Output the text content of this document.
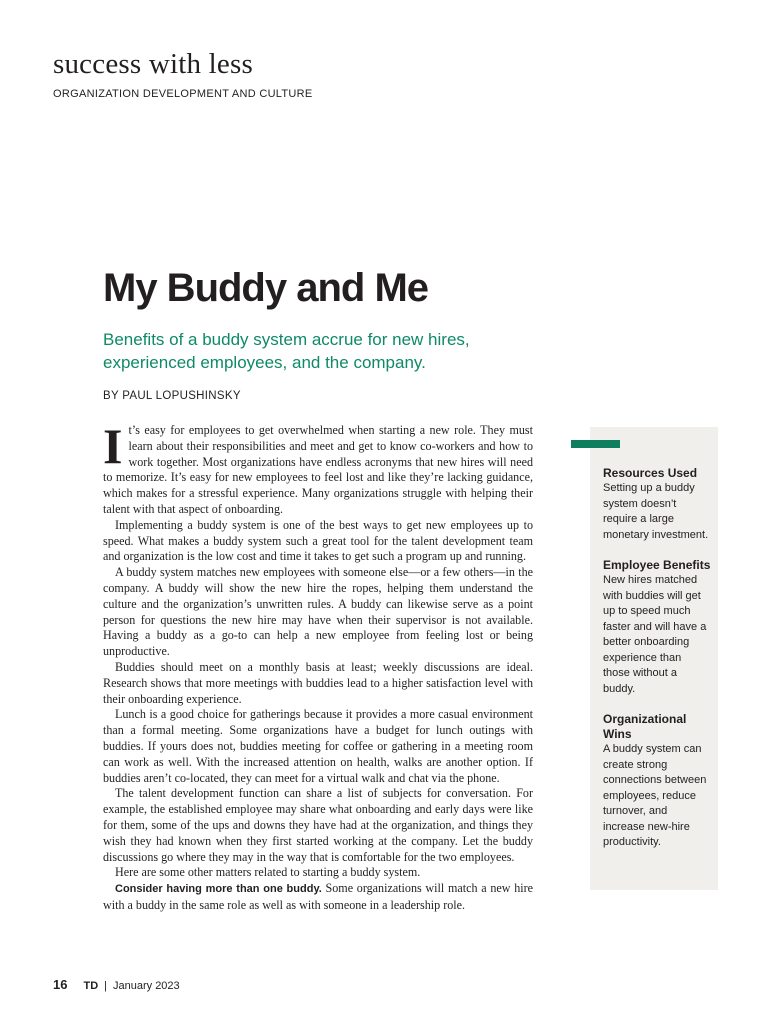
success with less
ORGANIZATION DEVELOPMENT AND CULTURE
My Buddy and Me
Benefits of a buddy system accrue for new hires, experienced employees, and the company.
BY PAUL LOPUSHINSKY

It’s easy for employees to get overwhelmed when starting a new role. They must learn about their responsibilities and meet and get to know co-workers and how to work together. Most organizations have endless acronyms that new hires will need to memorize. It’s easy for new employees to feel lost and like they’re lacking guidance, which makes for a stressful experience. Many organizations struggle with helping their talent with that aspect of onboarding.

Implementing a buddy system is one of the best ways to get new employees up to speed. What makes a buddy system such a great tool for the talent development team and organization is the low cost and time it takes to get such a program up and running.

A buddy system matches new employees with someone else—or a few others—in the company. A buddy will show the new hire the ropes, helping them understand the culture and the organization’s unwritten rules. A buddy can likewise serve as a point person for questions the new hire may have when their supervisor is not available. Having a buddy as a go-to can help a new employee from feeling lost or being unproductive.

Buddies should meet on a monthly basis at least; weekly discussions are ideal. Research shows that more meetings with buddies lead to a higher satisfaction level with their onboarding experience.

Lunch is a good choice for gatherings because it provides a more casual environment than a formal meeting. Some organizations have a budget for lunch outings with buddies. If yours does not, buddies meeting for coffee or gathering in a meeting room can work as well. With the increased attention on health, walks are another option. If buddies aren’t co-located, they can meet for a virtual walk and chat via the phone.

The talent development function can share a list of subjects for conversation. For example, the established employee may share what onboarding and early days were like for them, some of the ups and downs they have had at the organization, and things they wish they had known when they first started working at the company. Let the buddy discussions go where they may in the way that is comfortable for the two employees.

Here are some other matters related to starting a buddy system.

Consider having more than one buddy. Some organizations will match a new hire with a buddy in the same role as well as with someone in a leadership role.

Resources Used

Setting up a buddy system doesn’t require a large monetary investment.

Employee Benefits

New hires matched with buddies will get up to speed much faster and will have a better onboarding experience than those without a buddy.

Organizational Wins

A buddy system can create strong connections between employees, reduce turnover, and increase new-hire productivity.

16 TD | January 2023
